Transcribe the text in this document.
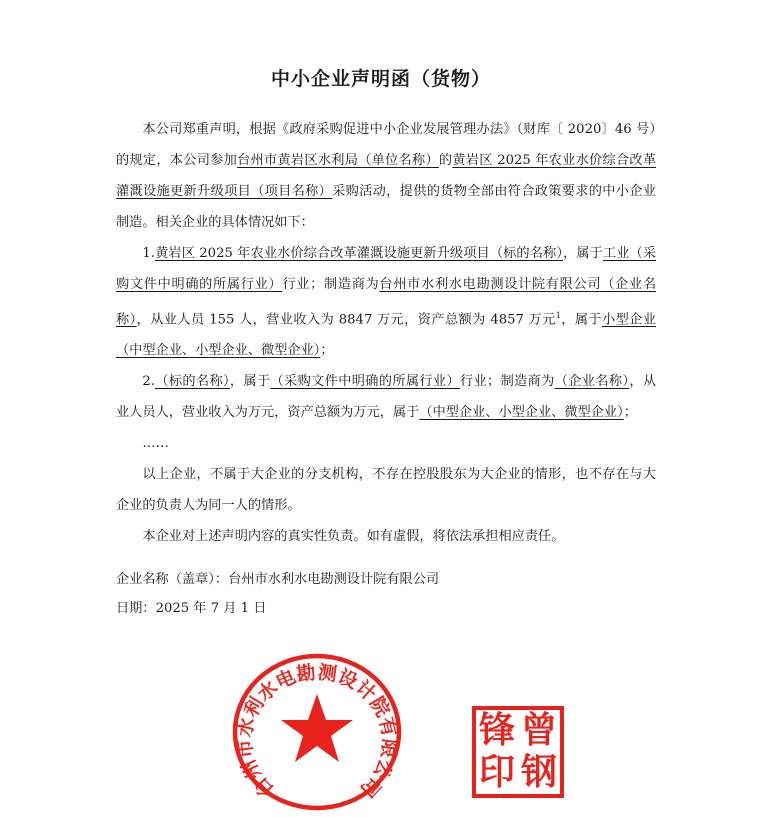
中小企业声明函（货物）

本公司郑重声明，根据《政府采购促进中小企业发展管理办法》（财库〔 2020〕46 号）的规定，本公司参加台州市黄岩区水利局（单位名称）的黄岩区 2025 年农业水价综合改革灌溉设施更新升级项目（项目名称）采购活动，提供的货物全部由符合政策要求的中小企业制造。相关企业的具体情况如下：

1.黄岩区 2025 年农业水价综合改革灌溉设施更新升级项目（标的名称），属于工业（采购文件中明确的所属行业）行业；制造商为台州市水利水电勘测设计院有限公司（企业名称），从业人员 155 人，营业收入为 8847 万元，资产总额为 4857 万元$^1$，属于小型企业（中型企业、小型企业、微型企业）；

2.（标的名称），属于（采购文件中明确的所属行业）行业；制造商为（企业名称），从业人员人，营业收入为万元，资产总额为万元，属于（中型企业、小型企业、微型企业）；

……

以上企业，不属于大企业的分支机构，不存在控股股东为大企业的情形，也不存在与大企业的负责人为同一人的情形。

本企业对上述声明内容的真实性负责。如有虚假，将依法承担相应责任。

企业名称（盖章）：台州市水利水电勘测设计院有限公司
日期：2025 年 7 月 1 日
台州市水利水电勘测设计院有限公司
锋 曾
印 钢
